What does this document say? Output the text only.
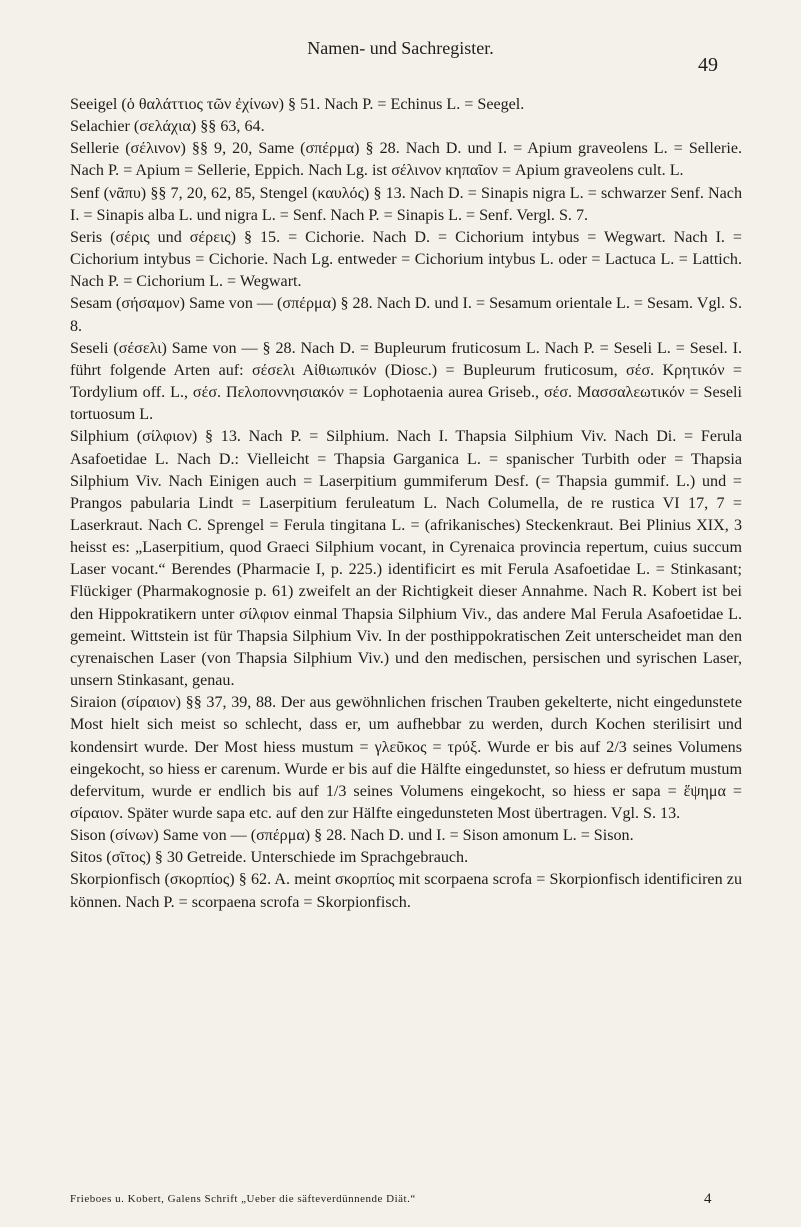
Namen- und Sachregister.
49

Seeigel (ὁ θαλάττιος τῶν ἐχίνων) § 51. Nach P. = Echinus L. = Seegel.

Selachier (σελάχια) §§ 63, 64.

Sellerie (σέλινον) §§ 9, 20, Same (σπέρμα) § 28. Nach D. und I. = Apium graveolens L. = Sellerie. Nach P. = Apium = Sellerie, Eppich. Nach Lg. ist σέλινον κηπαῖον = Apium graveolens cult. L.

Senf (νᾶπυ) §§ 7, 20, 62, 85, Stengel (καυλός) § 13. Nach D. = Sinapis nigra L. = schwarzer Senf. Nach I. = Sinapis alba L. und nigra L. = Senf. Nach P. = Sinapis L. = Senf. Vergl. S. 7.

Seris (σέρις und σέρεις) § 15. = Cichorie. Nach D. = Cichorium intybus = Wegwart. Nach I. = Cichorium intybus = Cichorie. Nach Lg. entweder = Cichorium intybus L. oder = Lactuca L. = Lattich. Nach P. = Cichorium L. = Wegwart.

Sesam (σήσαμον) Same von — (σπέρμα) § 28. Nach D. und I. = Sesamum orientale L. = Sesam. Vgl. S. 8.

Seseli (σέσελι) Same von — § 28. Nach D. = Bupleurum fruticosum L. Nach P. = Seseli L. = Sesel. I. führt folgende Arten auf: σέσελι Αἰθιωπικόν (Diosc.) = Bupleurum fruticosum, σέσ. Κρητικόν = Tordylium off. L., σέσ. Πελοποννησιακόν = Lophotaenia aurea Griseb., σέσ. Μασσαλεωτικόν = Seseli tortuosum L.

Silphium (σίλφιον) § 13. Nach P. = Silphium. Nach I. Thapsia Silphium Viv. Nach Di. = Ferula Asafoetidae L. Nach D.: Vielleicht = Thapsia Garganica L. = spanischer Turbith oder = Thapsia Silphium Viv. Nach Einigen auch = Laserpitium gummiferum Desf. (= Thapsia gummif. L.) und = Prangos pabularia Lindt = Laserpitium feruleatum L. Nach Columella, de re rustica VI 17, 7 = Laserkraut. Nach C. Sprengel = Ferula tingitana L. = (afrikanisches) Steckenkraut. Bei Plinius XIX, 3 heisst es: „Laserpitium, quod Graeci Silphium vocant, in Cyrenaica provincia repertum, cuius succum Laser vocant.“ Berendes (Pharmacie I, p. 225.) identificirt es mit Ferula Asafoetidae L. = Stinkasant; Flückiger (Pharmakognosie p. 61) zweifelt an der Richtigkeit dieser Annahme. Nach R. Kobert ist bei den Hippokratikern unter σίλφιον einmal Thapsia Silphium Viv., das andere Mal Ferula Asafoetidae L. gemeint. Wittstein ist für Thapsia Silphium Viv. In der posthippokratischen Zeit unterscheidet man den cyrenaischen Laser (von Thapsia Silphium Viv.) und den medischen, persischen und syrischen Laser, unsern Stinkasant, genau.

Siraion (σίραιον) §§ 37, 39, 88. Der aus gewöhnlichen frischen Trauben gekelterte, nicht eingedunstete Most hielt sich meist so schlecht, dass er, um aufhebbar zu werden, durch Kochen sterilisirt und kondensirt wurde. Der Most hiess mustum = γλεῦκος = τρύξ. Wurde er bis auf 2/3 seines Volumens eingekocht, so hiess er carenum. Wurde er bis auf die Hälfte eingedunstet, so hiess er defrutum mustum defervitum, wurde er endlich bis auf 1/3 seines Volumens eingekocht, so hiess er sapa = ἕψημα = σίραιον. Später wurde sapa etc. auf den zur Hälfte eingedunsteten Most übertragen. Vgl. S. 13.

Sison (σίνων) Same von — (σπέρμα) § 28. Nach D. und I. = Sison amonum L. = Sison.

Sitos (σῖτος) § 30 Getreide. Unterschiede im Sprachgebrauch.

Skorpionfisch (σκορπίος) § 62. A. meint σκορπίος mit scorpaena scrofa = Skorpionfisch identificiren zu können. Nach P. = scorpaena scrofa = Skorpionfisch.

Frieboes u. Kobert, Galens Schrift „Ueber die säfteverdünnende Diät.“	4
